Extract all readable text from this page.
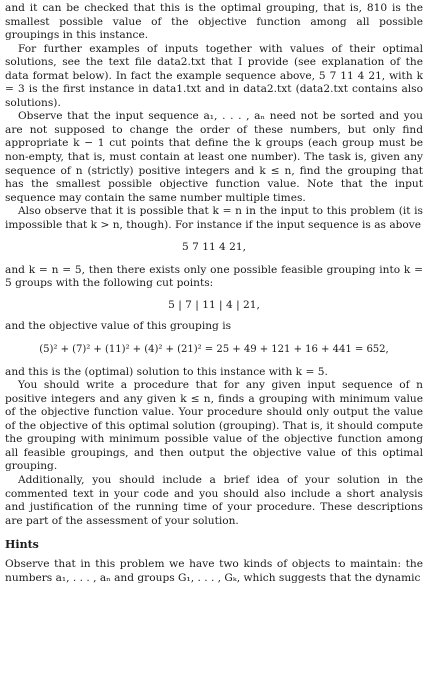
and it can be checked that this is the optimal grouping, that is, 810 is the smallest possible value of the objective function among all possible groupings in this instance.

For further examples of inputs together with values of their optimal solutions, see the text file data2.txt that I provide (see explanation of the data format below). In fact the example sequence above, 5 7 11 4 21, with k = 3 is the first instance in data1.txt and in data2.txt (data2.txt contains also solutions).

Observe that the input sequence a₁, . . . , aₙ need not be sorted and you are not supposed to change the order of these numbers, but only find appropriate k − 1 cut points that define the k groups (each group must be non-empty, that is, must contain at least one number). The task is, given any sequence of n (strictly) positive integers and k ≤ n, find the grouping that has the smallest possible objective function value. Note that the input sequence may contain the same number multiple times.

Also observe that it is possible that k = n in the input to this problem (it is impossible that k > n, though). For instance if the input sequence is as above

5 7 11 4 21,

and k = n = 5, then there exists only one possible feasible grouping into k = 5 groups with the following cut points:

5 | 7 | 11 | 4 | 21,

and the objective value of this grouping is

(5)² + (7)² + (11)² + (4)² + (21)² = 25 + 49 + 121 + 16 + 441 = 652,

and this is the (optimal) solution to this instance with k = 5.

You should write a procedure that for any given input sequence of n positive integers and any given k ≤ n, finds a grouping with minimum value of the objective function value. Your procedure should only output the value of the objective of this optimal solution (grouping). That is, it should compute the grouping with minimum possible value of the objective function among all feasible groupings, and then output the objective value of this optimal grouping.

Additionally, you should include a brief idea of your solution in the commented text in your code and you should also include a short analysis and justification of the running time of your procedure. These descriptions are part of the assessment of your solution.

Hints

Observe that in this problem we have two kinds of objects to maintain: the numbers a₁, . . . , aₙ and groups G₁, . . . , Gₖ, which suggests that the dynamic
